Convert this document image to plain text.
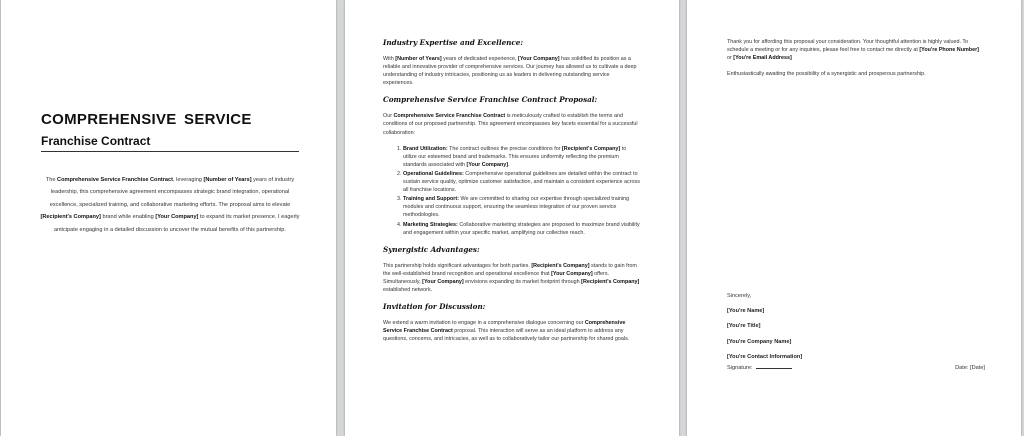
COMPREHENSIVE SERVICE
Franchise Contract
The Comprehensive Service Franchise Contract, leveraging [Number of Years] years of industry leadership, this comprehensive agreement encompasses strategic brand integration, operational excellence, specialized training, and collaborative marketing efforts. The proposal aims to elevate [Recipient's Company] brand while enabling [Your Company] to expand its market presence. I eagerly anticipate engaging in a detailed discussion to uncover the mutual benefits of this partnership.
Industry Expertise and Excellence:

With [Number of Years] years of dedicated experience, [Your Company] has solidified its position as a reliable and innovative provider of comprehensive services. Our journey has allowed us to cultivate a deep understanding of industry intricacies, positioning us as leaders in delivering outstanding service experiences.

Comprehensive Service Franchise Contract Proposal:

Our Comprehensive Service Franchise Contract is meticulously crafted to establish the terms and conditions of our proposed partnership. This agreement encompasses key facets essential for a successful collaboration:

1. Brand Utilization: The contract outlines the precise conditions for [Recipient's Company] to utilize our esteemed brand and trademarks. This ensures uniformity reflecting the premium standards associated with [Your Company].
2. Operational Guidelines: Comprehensive operational guidelines are detailed within the contract to sustain service quality, optimize customer satisfaction, and maintain a consistent experience across all franchise locations.
3. Training and Support: We are committed to sharing our expertise through specialized training modules and continuous support, ensuring the seamless integration of our proven service methodologies.
4. Marketing Strategies: Collaborative marketing strategies are proposed to maximize brand visibility and engagement within your specific market, amplifying our collective reach.
Synergistic Advantages:

This partnership holds significant advantages for both parties. [Recipient's Company] stands to gain from the well-established brand recognition and operational excellence that [Your Company] offers. Simultaneously, [Your Company] envisions expanding its market footprint through [Recipient's Company] established network.

Invitation for Discussion:

We extend a warm invitation to engage in a comprehensive dialogue concerning our Comprehensive Service Franchise Contract proposal. This interaction will serve as an ideal platform to address any questions, concerns, and intricacies, as well as to collaboratively tailor our partnership for shared goals.

Thank you for affording this proposal your consideration. Your thoughtful attention is highly valued. To schedule a meeting or for any inquiries, please feel free to contact me directly at [You're Phone Number] or [You're Email Address]

Enthusiastically awaiting the possibility of a synergistic and prosperous partnership.

Sincerely,
[You're Name]
[You're Title]
[You're Company Name]
[You're Contact Information]
Signature:	Date: [Date]
